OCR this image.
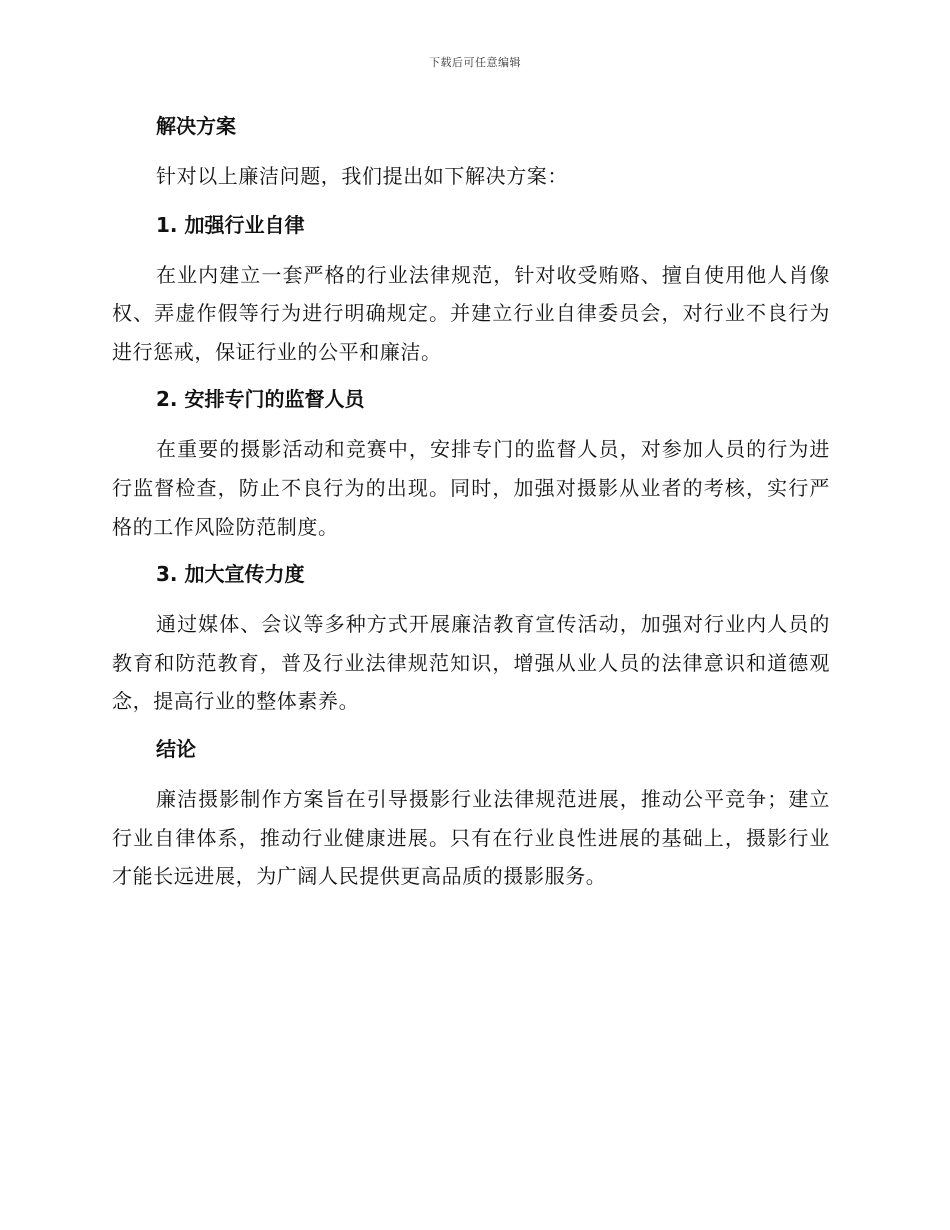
下载后可任意编辑
解决方案

针对以上廉洁问题，我们提出如下解决方案：

1. 加强行业自律

在业内建立一套严格的行业法律规范，针对收受贿赂、擅自使用他人肖像权、弄虚作假等行为进行明确规定。并建立行业自律委员会，对行业不良行为进行惩戒，保证行业的公平和廉洁。

2. 安排专门的监督人员

在重要的摄影活动和竞赛中，安排专门的监督人员，对参加人员的行为进行监督检查，防止不良行为的出现。同时，加强对摄影从业者的考核，实行严格的工作风险防范制度。

3. 加大宣传力度

通过媒体、会议等多种方式开展廉洁教育宣传活动，加强对行业内人员的教育和防范教育，普及行业法律规范知识，增强从业人员的法律意识和道德观念，提高行业的整体素养。

结论

廉洁摄影制作方案旨在引导摄影行业法律规范进展，推动公平竞争；建立行业自律体系，推动行业健康进展。只有在行业良性进展的基础上，摄影行业才能长远进展，为广阔人民提供更高品质的摄影服务。
